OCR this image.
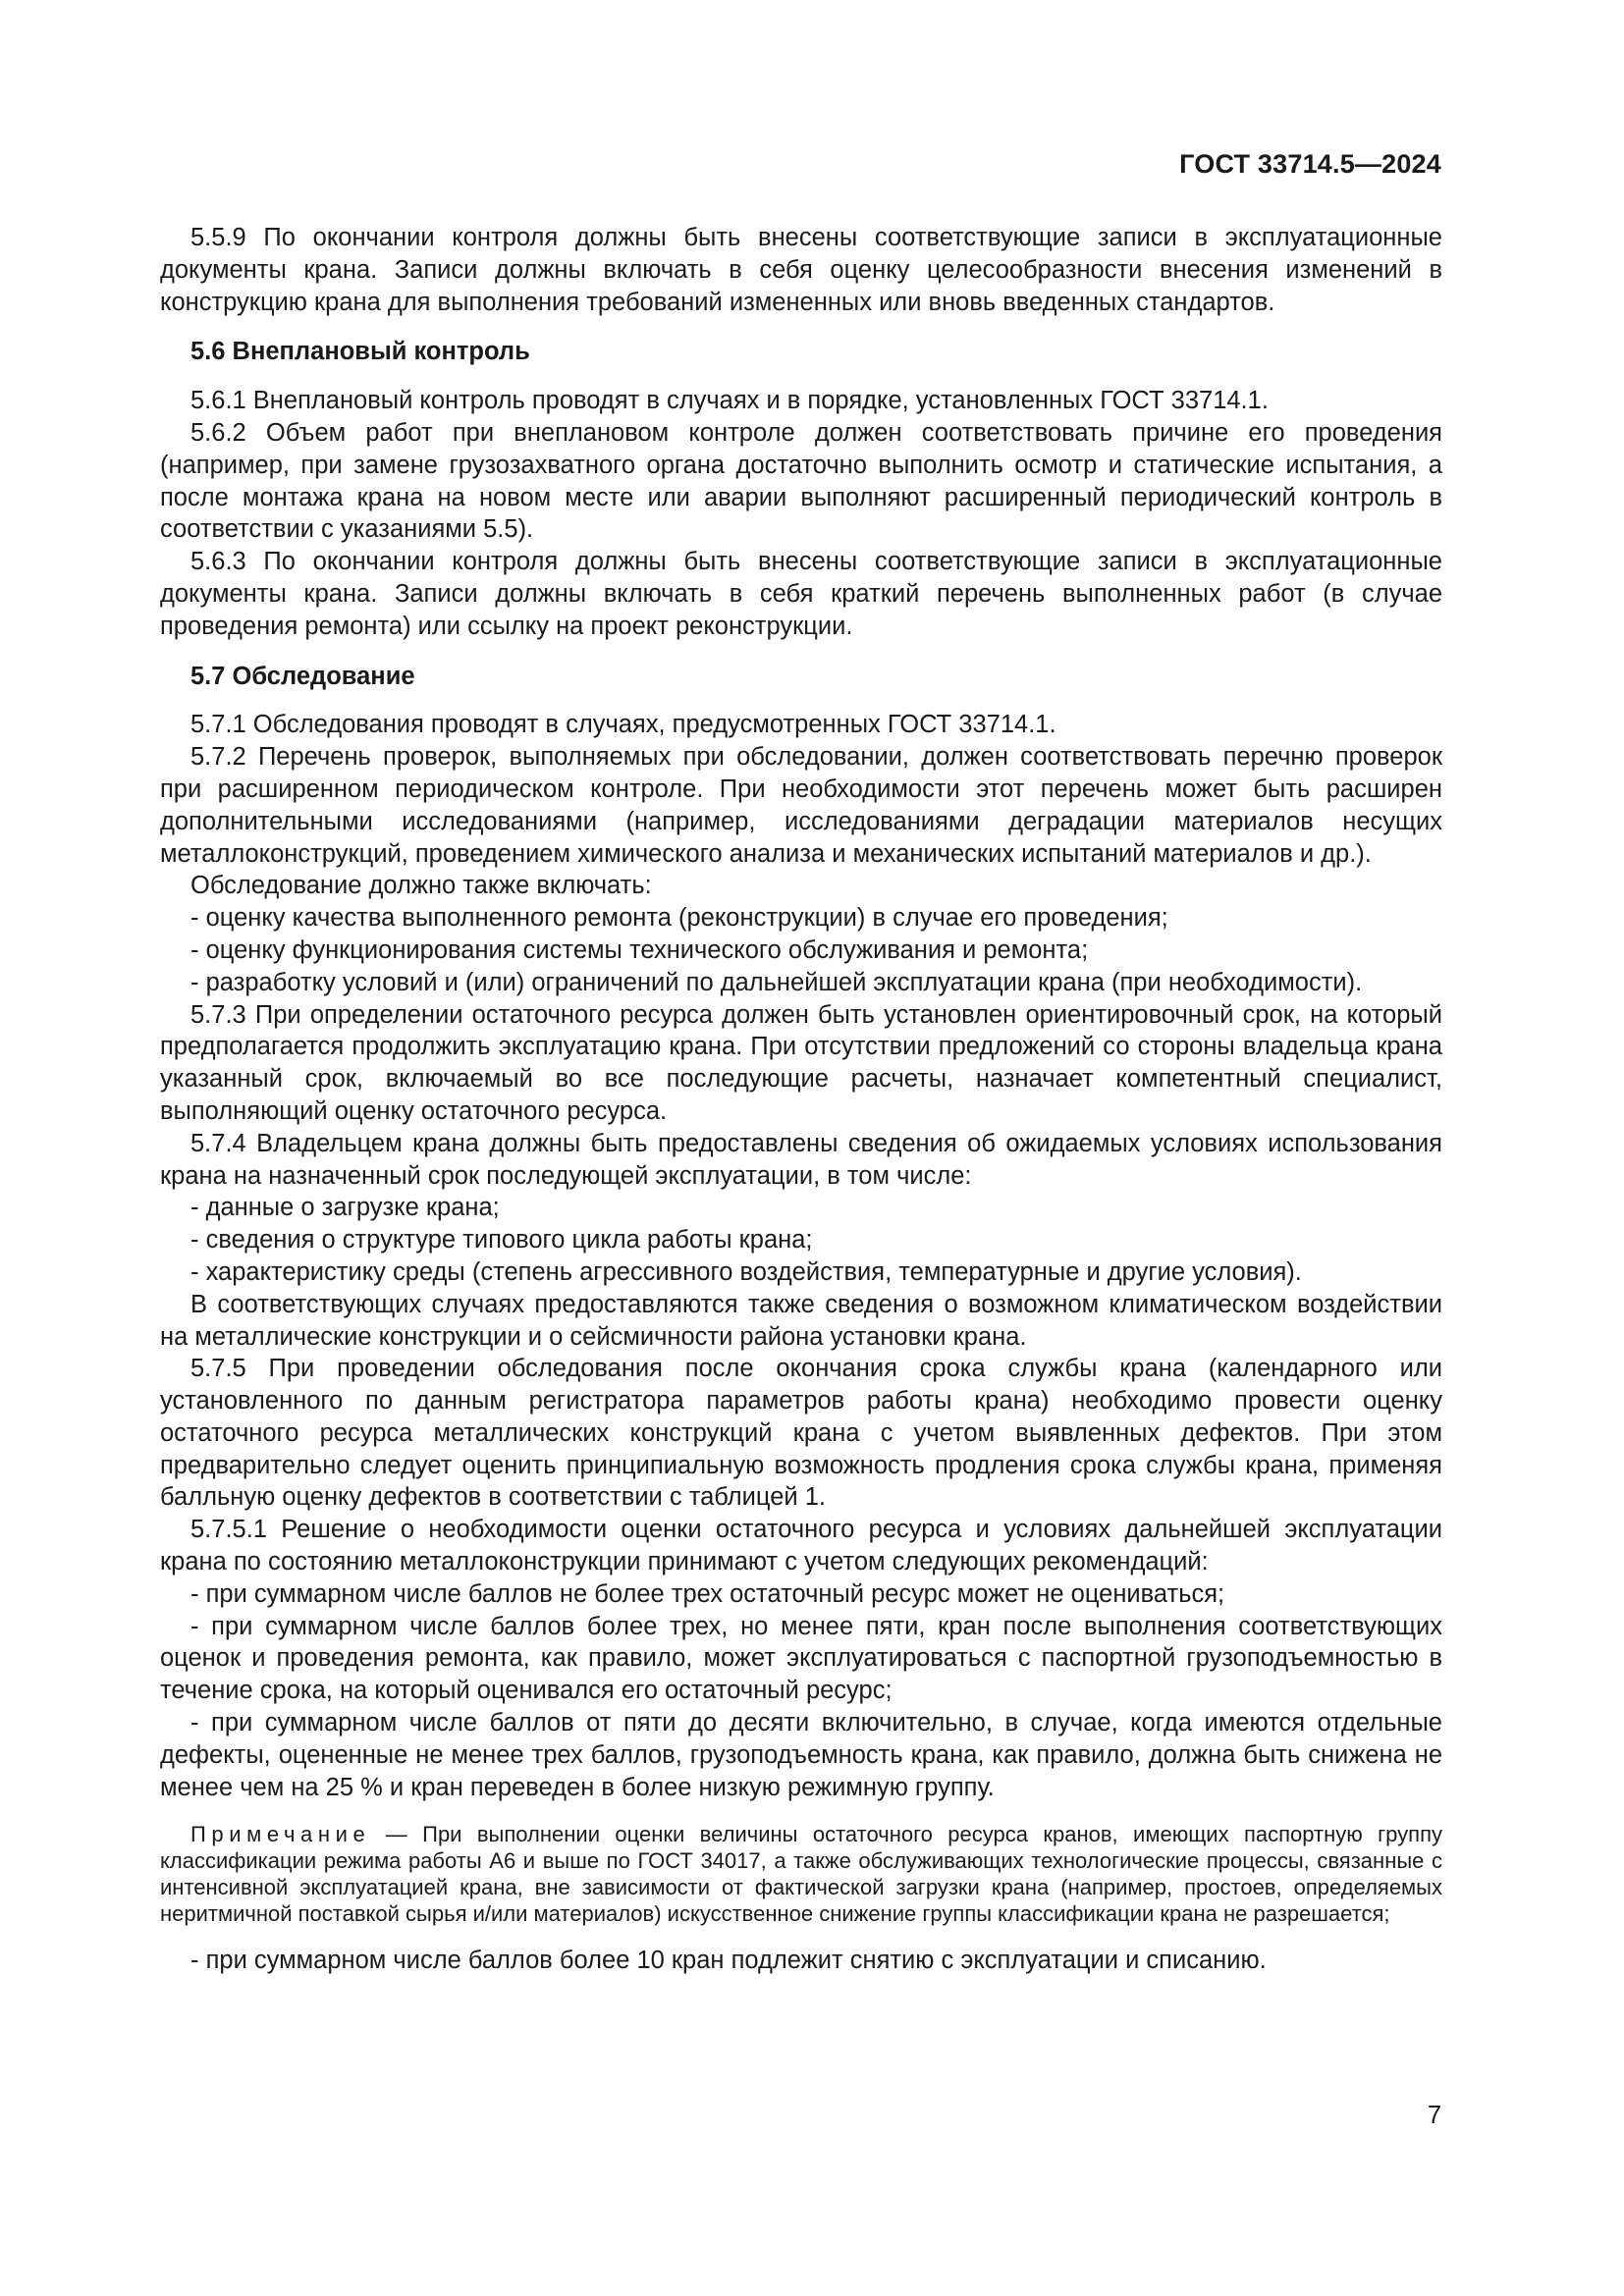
ГОСТ 33714.5—2024

5.5.9 По окончании контроля должны быть внесены соответствующие записи в эксплуатационные документы крана. Записи должны включать в себя оценку целесообразности внесения изменений в конструкцию крана для выполнения требований измененных или вновь введенных стандартов.

5.6 Внеплановый контроль

5.6.1 Внеплановый контроль проводят в случаях и в порядке, установленных ГОСТ 33714.1.

5.6.2 Объем работ при внеплановом контроле должен соответствовать причине его проведения (например, при замене грузозахватного органа достаточно выполнить осмотр и статические испытания, а после монтажа крана на новом месте или аварии выполняют расширенный периодический контроль в соответствии с указаниями 5.5).

5.6.3 По окончании контроля должны быть внесены соответствующие записи в эксплуатационные документы крана. Записи должны включать в себя краткий перечень выполненных работ (в случае проведения ремонта) или ссылку на проект реконструкции.

5.7 Обследование

5.7.1 Обследования проводят в случаях, предусмотренных ГОСТ 33714.1.

5.7.2 Перечень проверок, выполняемых при обследовании, должен соответствовать перечню проверок при расширенном периодическом контроле. При необходимости этот перечень может быть расширен дополнительными исследованиями (например, исследованиями деградации материалов несущих металлоконструкций, проведением химического анализа и механических испытаний материалов и др.).

Обследование должно также включать:

- оценку качества выполненного ремонта (реконструкции) в случае его проведения;

- оценку функционирования системы технического обслуживания и ремонта;

- разработку условий и (или) ограничений по дальнейшей эксплуатации крана (при необходимости).

5.7.3 При определении остаточного ресурса должен быть установлен ориентировочный срок, на который предполагается продолжить эксплуатацию крана. При отсутствии предложений со стороны владельца крана указанный срок, включаемый во все последующие расчеты, назначает компетентный специалист, выполняющий оценку остаточного ресурса.

5.7.4 Владельцем крана должны быть предоставлены сведения об ожидаемых условиях использования крана на назначенный срок последующей эксплуатации, в том числе:

- данные о загрузке крана;

- сведения о структуре типового цикла работы крана;

- характеристику среды (степень агрессивного воздействия, температурные и другие условия).

В соответствующих случаях предоставляются также сведения о возможном климатическом воздействии на металлические конструкции и о сейсмичности района установки крана.

5.7.5 При проведении обследования после окончания срока службы крана (календарного или установленного по данным регистратора параметров работы крана) необходимо провести оценку остаточного ресурса металлических конструкций крана с учетом выявленных дефектов. При этом предварительно следует оценить принципиальную возможность продления срока службы крана, применяя балльную оценку дефектов в соответствии с таблицей 1.

5.7.5.1 Решение о необходимости оценки остаточного ресурса и условиях дальнейшей эксплуатации крана по состоянию металлоконструкции принимают с учетом следующих рекомендаций:

- при суммарном числе баллов не более трех остаточный ресурс может не оцениваться;

- при суммарном числе баллов более трех, но менее пяти, кран после выполнения соответствующих оценок и проведения ремонта, как правило, может эксплуатироваться с паспортной грузоподъемностью в течение срока, на который оценивался его остаточный ресурс;

- при суммарном числе баллов от пяти до десяти включительно, в случае, когда имеются отдельные дефекты, оцененные не менее трех баллов, грузоподъемность крана, как правило, должна быть снижена не менее чем на 25 % и кран переведен в более низкую режимную группу.

Примечание — При выполнении оценки величины остаточного ресурса кранов, имеющих паспортную группу классификации режима работы А6 и выше по ГОСТ 34017, а также обслуживающих технологические процессы, связанные с интенсивной эксплуатацией крана, вне зависимости от фактической загрузки крана (например, простоев, определяемых неритмичной поставкой сырья и/или материалов) искусственное снижение группы классификации крана не разрешается;

- при суммарном числе баллов более 10 кран подлежит снятию с эксплуатации и списанию.

7
